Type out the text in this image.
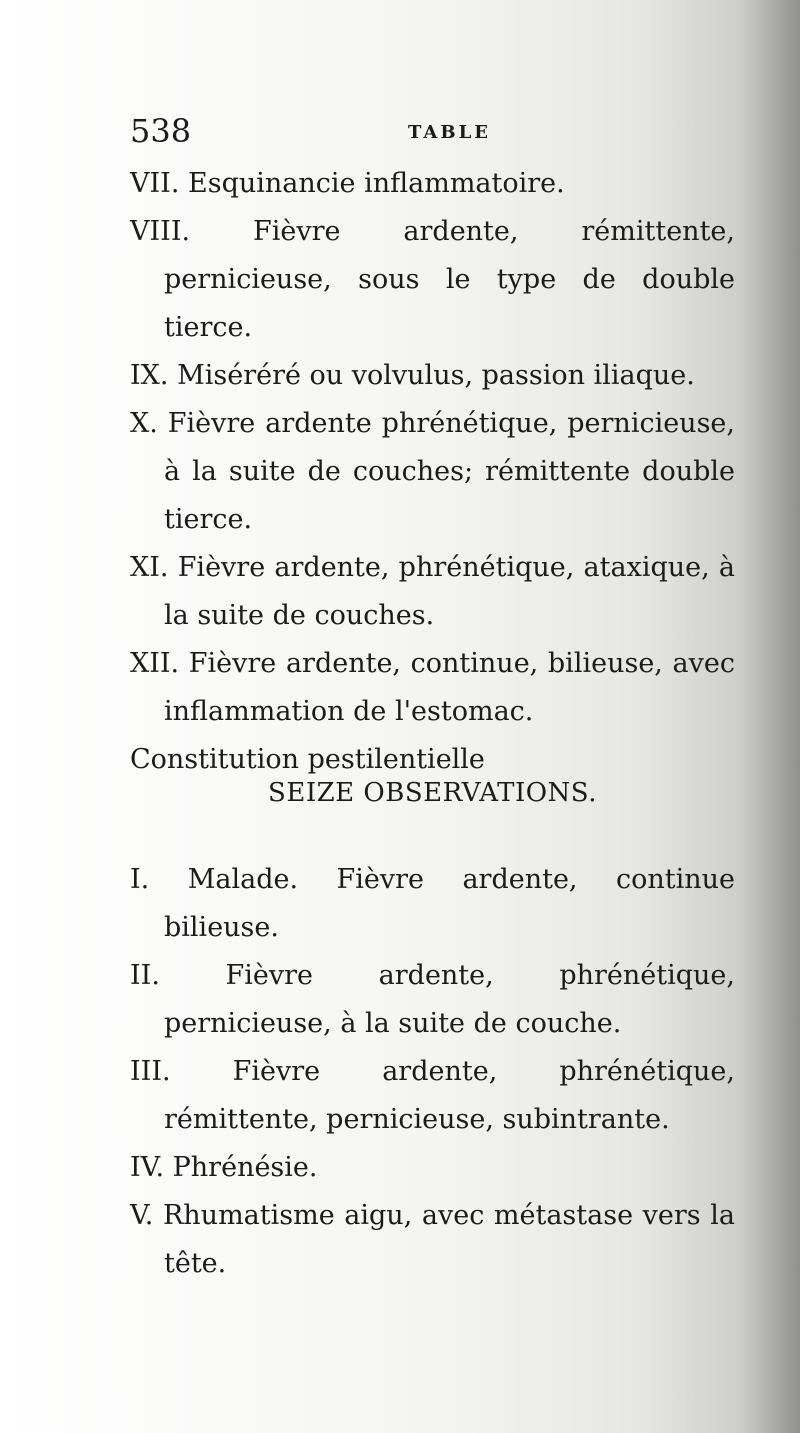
538	TABLE

VII. Esquinancie inflammatoire.

VIII. Fièvre ardente, rémittente, pernicieuse, sous le type de double tierce.

IX. Miséréré ou volvulus, passion iliaque.

X. Fièvre ardente phrénétique, pernicieuse, à la suite de couches; rémittente double tierce.

XI. Fièvre ardente, phrénétique, ataxique, à la suite de couches.

XII. Fièvre ardente, continue, bilieuse, avec inflammation de l'estomac.

Constitution pestilentielle

SEIZE OBSERVATIONS.

I. Malade. Fièvre ardente, continue bilieuse.

II. Fièvre ardente, phrénétique, pernicieuse, à la suite de couche.

III. Fièvre ardente, phrénétique, rémittente, pernicieuse, subintrante.

IV. Phrénésie.

V. Rhumatisme aigu, avec métastase vers la tête.
